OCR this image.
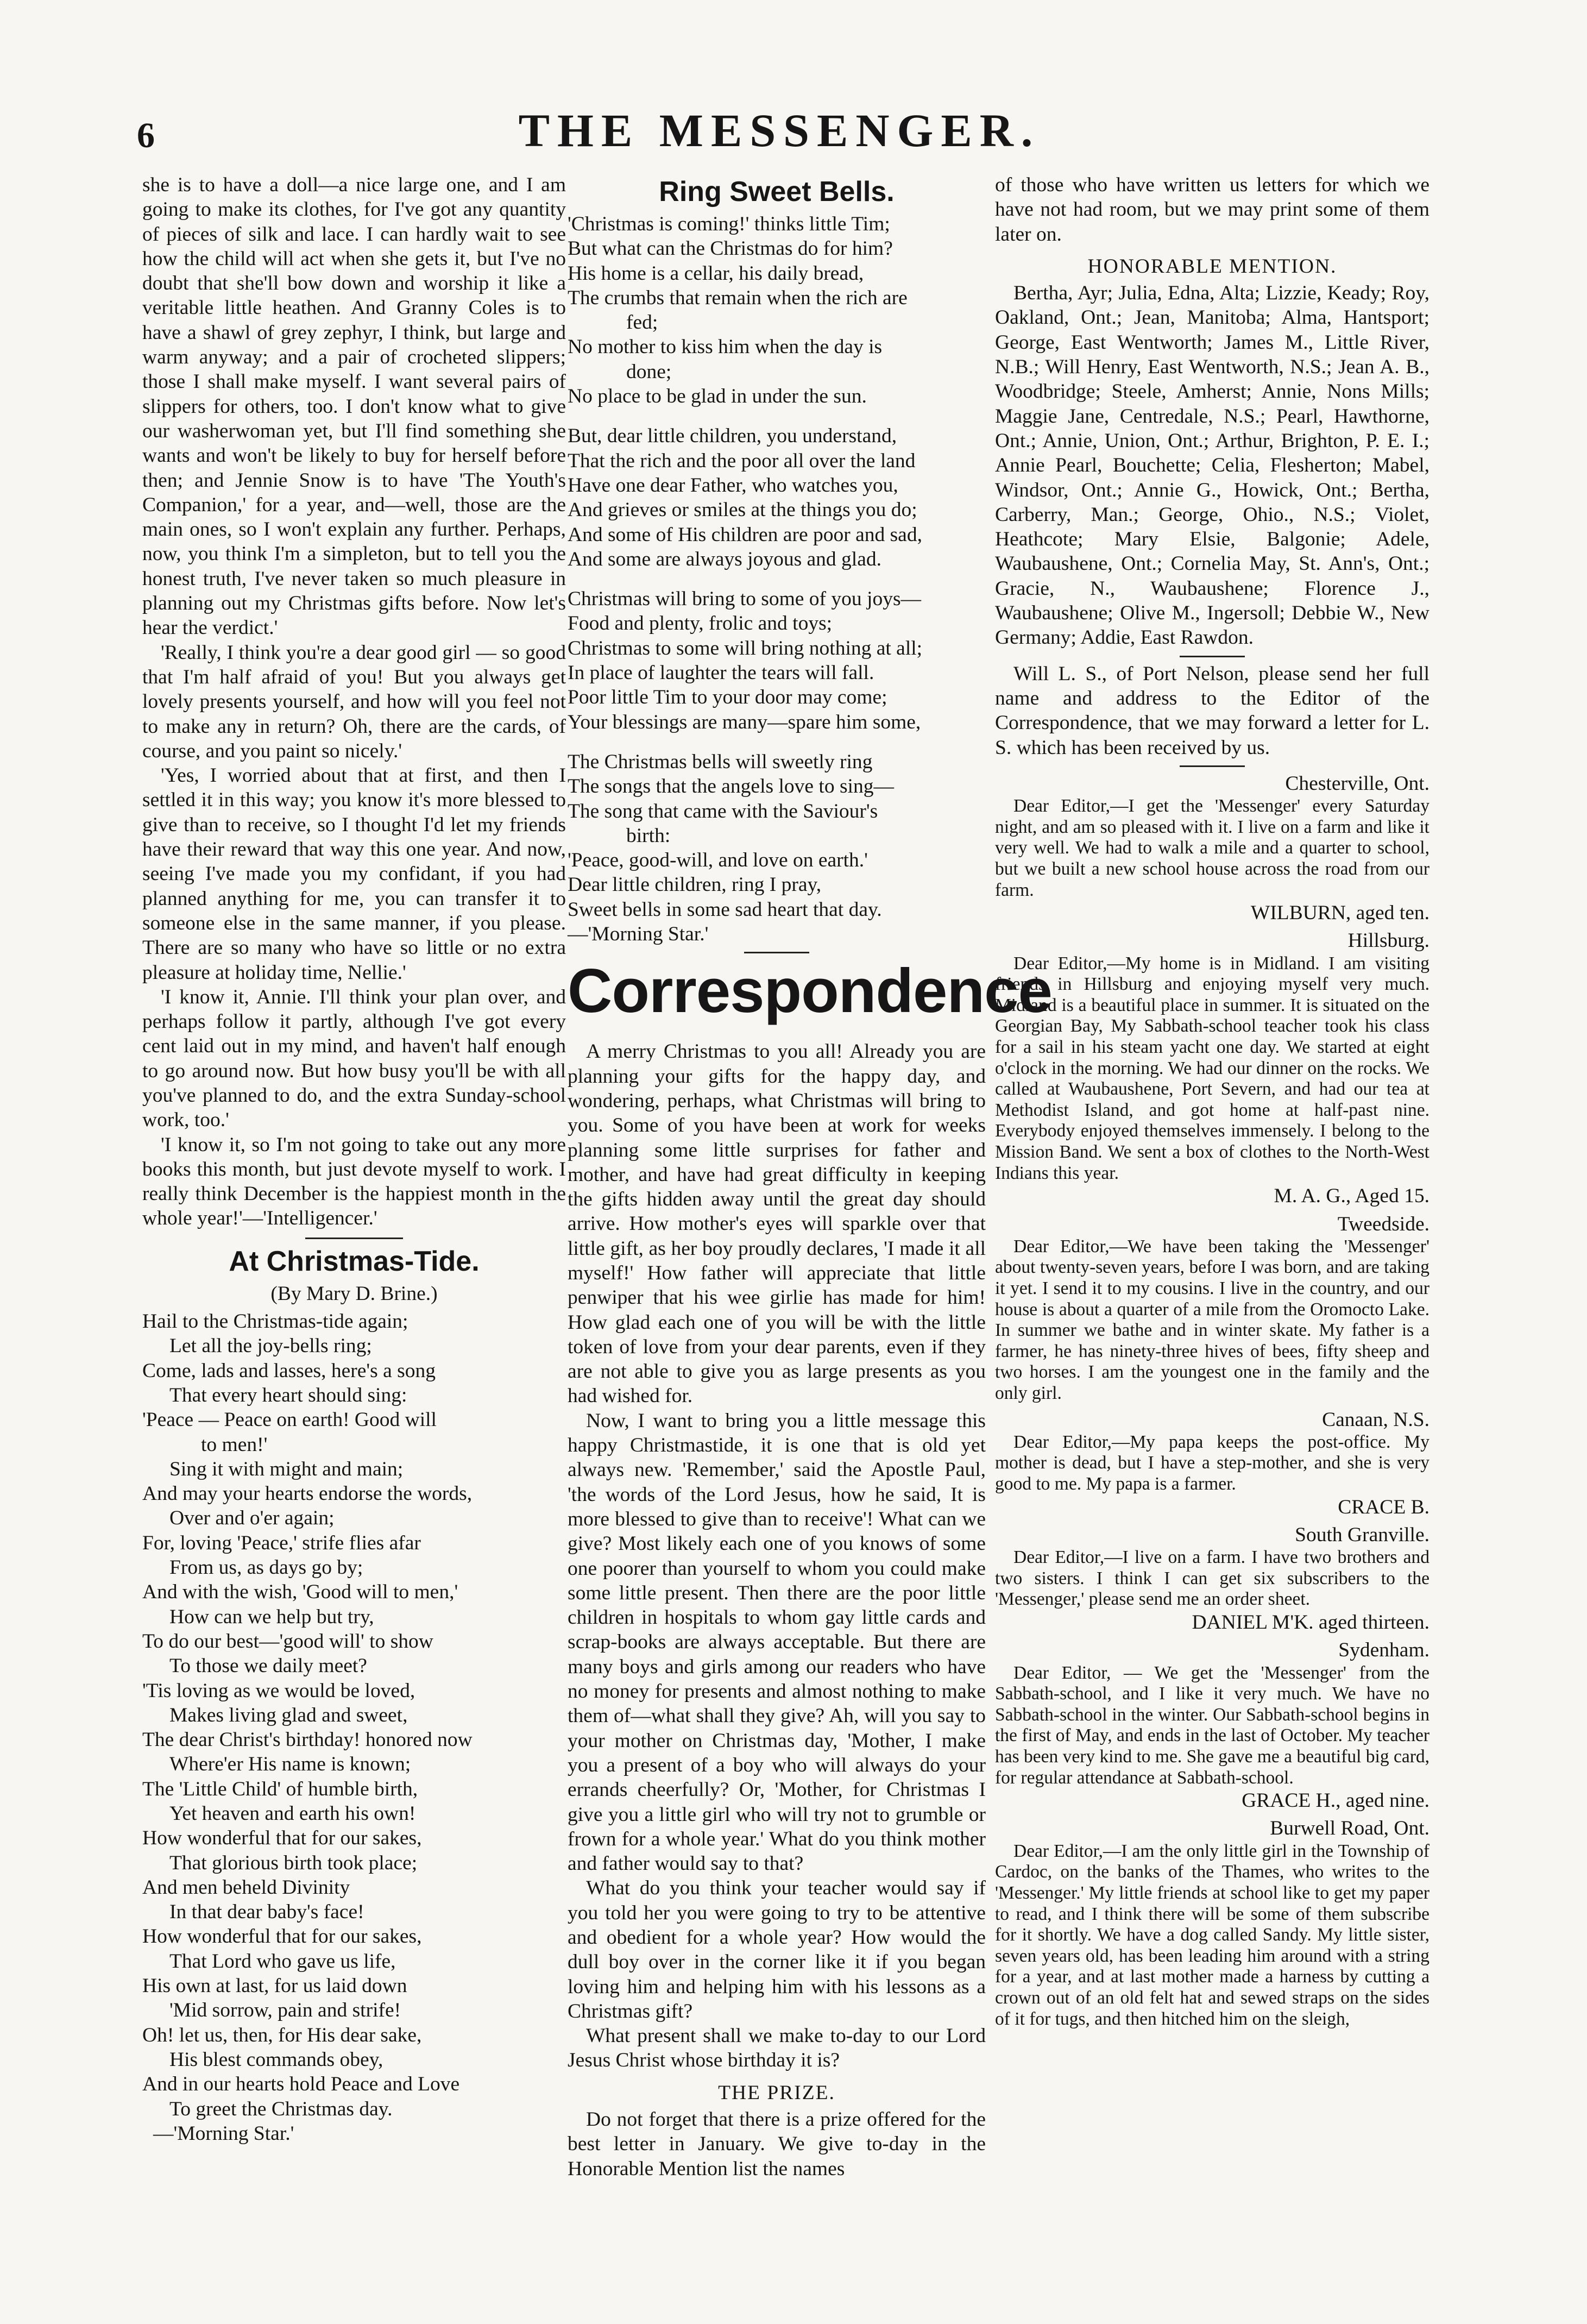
6	THE MESSENGER.

she is to have a doll—a nice large one, and I am going to make its clothes, for I've got any quantity of pieces of silk and lace. I can hardly wait to see how the child will act when she gets it, but I've no doubt that she'll bow down and worship it like a veritable little heathen. And Granny Coles is to have a shawl of grey zephyr, I think, but large and warm anyway; and a pair of crocheted slippers; those I shall make myself. I want several pairs of slippers for others, too. I don't know what to give our washerwoman yet, but I'll find something she wants and won't be likely to buy for herself before then; and Jennie Snow is to have 'The Youth's Companion,' for a year, and—well, those are the main ones, so I won't explain any further. Perhaps, now, you think I'm a simpleton, but to tell you the honest truth, I've never taken so much pleasure in planning out my Christmas gifts before. Now let's hear the verdict.'

'Really, I think you're a dear good girl — so good that I'm half afraid of you! But you always get lovely presents yourself, and how will you feel not to make any in return? Oh, there are the cards, of course, and you paint so nicely.'

'Yes, I worried about that at first, and then I settled it in this way; you know it's more blessed to give than to receive, so I thought I'd let my friends have their reward that way this one year. And now, seeing I've made you my confidant, if you had planned anything for me, you can transfer it to someone else in the same manner, if you please. There are so many who have so little or no extra pleasure at holiday time, Nellie.'

'I know it, Annie. I'll think your plan over, and perhaps follow it partly, although I've got every cent laid out in my mind, and haven't half enough to go around now. But how busy you'll be with all you've planned to do, and the extra Sunday-school work, too.'

'I know it, so I'm not going to take out any more books this month, but just devote myself to work. I really think December is the happiest month in the whole year!'—'Intelligencer.'

At Christmas-Tide.
(By Mary D. Brine.)
Hail to the Christmas-tide again;
Let all the joy-bells ring;
Come, lads and lasses, here's a song
That every heart should sing:
'Peace — Peace on earth! Good will
to men!'
Sing it with might and main;
And may your hearts endorse the words,
Over and o'er again;
For, loving 'Peace,' strife flies afar
From us, as days go by;
And with the wish, 'Good will to men,'
How can we help but try,
To do our best—'good will' to show
To those we daily meet?
'Tis loving as we would be loved,
Makes living glad and sweet,
The dear Christ's birthday! honored now
Where'er His name is known;
The 'Little Child' of humble birth,
Yet heaven and earth his own!
How wonderful that for our sakes,
That glorious birth took place;
And men beheld Divinity
In that dear baby's face!
How wonderful that for our sakes,
That Lord who gave us life,
His own at last, for us laid down
'Mid sorrow, pain and strife!
Oh! let us, then, for His dear sake,
His blest commands obey,
And in our hearts hold Peace and Love
To greet the Christmas day.
—'Morning Star.'
Ring Sweet Bells.
'Christmas is coming!' thinks little Tim;
But what can the Christmas do for him?
His home is a cellar, his daily bread,
The crumbs that remain when the rich are
fed;
No mother to kiss him when the day is
done;
No place to be glad in under the sun.
But, dear little children, you understand,
That the rich and the poor all over the land
Have one dear Father, who watches you,
And grieves or smiles at the things you do;
And some of His children are poor and sad,
And some are always joyous and glad.
Christmas will bring to some of you joys—
Food and plenty, frolic and toys;
Christmas to some will bring nothing at all;
In place of laughter the tears will fall.
Poor little Tim to your door may come;
Your blessings are many—spare him some,
The Christmas bells will sweetly ring
The songs that the angels love to sing—
The song that came with the Saviour's
birth:
'Peace, good-will, and love on earth.'
Dear little children, ring I pray,
Sweet bells in some sad heart that day.
—'Morning Star.'
Correspondence

A merry Christmas to you all! Already you are planning your gifts for the happy day, and wondering, perhaps, what Christmas will bring to you. Some of you have been at work for weeks planning some little surprises for father and mother, and have had great difficulty in keeping the gifts hidden away until the great day should arrive. How mother's eyes will sparkle over that little gift, as her boy proudly declares, 'I made it all myself!' How father will appreciate that little penwiper that his wee girlie has made for him! How glad each one of you will be with the little token of love from your dear parents, even if they are not able to give you as large presents as you had wished for.

Now, I want to bring you a little message this happy Christmastide, it is one that is old yet always new. 'Remember,' said the Apostle Paul, 'the words of the Lord Jesus, how he said, It is more blessed to give than to receive'! What can we give? Most likely each one of you knows of some one poorer than yourself to whom you could make some little present. Then there are the poor little children in hospitals to whom gay little cards and scrap-books are always acceptable. But there are many boys and girls among our readers who have no money for presents and almost nothing to make them of—what shall they give? Ah, will you say to your mother on Christmas day, 'Mother, I make you a present of a boy who will always do your errands cheerfully? Or, 'Mother, for Christmas I give you a little girl who will try not to grumble or frown for a whole year.' What do you think mother and father would say to that?

What do you think your teacher would say if you told her you were going to try to be attentive and obedient for a whole year? How would the dull boy over in the corner like it if you began loving him and helping him with his lessons as a Christmas gift?

What present shall we make to-day to our Lord Jesus Christ whose birthday it is?

THE PRIZE.

Do not forget that there is a prize offered for the best letter in January. We give to-day in the Honorable Mention list the names

of those who have written us letters for which we have not had room, but we may print some of them later on.

HONORABLE MENTION.

Bertha, Ayr; Julia, Edna, Alta; Lizzie, Keady; Roy, Oakland, Ont.; Jean, Manitoba; Alma, Hantsport; George, East Wentworth; James M., Little River, N.B.; Will Henry, East Wentworth, N.S.; Jean A. B., Woodbridge; Steele, Amherst; Annie, Nons Mills; Maggie Jane, Centredale, N.S.; Pearl, Hawthorne, Ont.; Annie, Union, Ont.; Arthur, Brighton, P. E. I.; Annie Pearl, Bouchette; Celia, Flesherton; Mabel, Windsor, Ont.; Annie G., Howick, Ont.; Bertha, Carberry, Man.; George, Ohio., N.S.; Violet, Heathcote; Mary Elsie, Balgonie; Adele, Waubaushene, Ont.; Cornelia May, St. Ann's, Ont.; Gracie, N., Waubaushene; Florence J., Waubaushene; Olive M., Ingersoll; Debbie W., New Germany; Addie, East Rawdon.

Will L. S., of Port Nelson, please send her full name and address to the Editor of the Correspondence, that we may forward a letter for L. S. which has been received by us.

Chesterville, Ont.

Dear Editor,—I get the 'Messenger' every Saturday night, and am so pleased with it. I live on a farm and like it very well. We had to walk a mile and a quarter to school, but we built a new school house across the road from our farm.

WILBURN, aged ten.
Hillsburg.

Dear Editor,—My home is in Midland. I am visiting friends in Hillsburg and enjoying myself very much. Midland is a beautiful place in summer. It is situated on the Georgian Bay, My Sabbath-school teacher took his class for a sail in his steam yacht one day. We started at eight o'clock in the morning. We had our dinner on the rocks. We called at Waubaushene, Port Severn, and had our tea at Methodist Island, and got home at half-past nine. Everybody enjoyed themselves immensely. I belong to the Mission Band. We sent a box of clothes to the North-West Indians this year.

M. A. G., Aged 15.
Tweedside.

Dear Editor,—We have been taking the 'Messenger' about twenty-seven years, before I was born, and are taking it yet. I send it to my cousins. I live in the country, and our house is about a quarter of a mile from the Oromocto Lake. In summer we bathe and in winter skate. My father is a farmer, he has ninety-three hives of bees, fifty sheep and two horses. I am the youngest one in the family and the only girl.

Canaan, N.S.

Dear Editor,—My papa keeps the post-office. My mother is dead, but I have a step-mother, and she is very good to me. My papa is a farmer.

CRACE B.
South Granville.

Dear Editor,—I live on a farm. I have two brothers and two sisters. I think I can get six subscribers to the 'Messenger,' please send me an order sheet.

DANIEL M'K. aged thirteen.
Sydenham.

Dear Editor, — We get the 'Messenger' from the Sabbath-school, and I like it very much. We have no Sabbath-school in the winter. Our Sabbath-school begins in the first of May, and ends in the last of October. My teacher has been very kind to me. She gave me a beautiful big card, for regular attendance at Sabbath-school.

GRACE H., aged nine.
Burwell Road, Ont.

Dear Editor,—I am the only little girl in the Township of Cardoc, on the banks of the Thames, who writes to the 'Messenger.' My little friends at school like to get my paper to read, and I think there will be some of them subscribe for it shortly. We have a dog called Sandy. My little sister, seven years old, has been leading him around with a string for a year, and at last mother made a harness by cutting a crown out of an old felt hat and sewed straps on the sides of it for tugs, and then hitched him on the sleigh,
